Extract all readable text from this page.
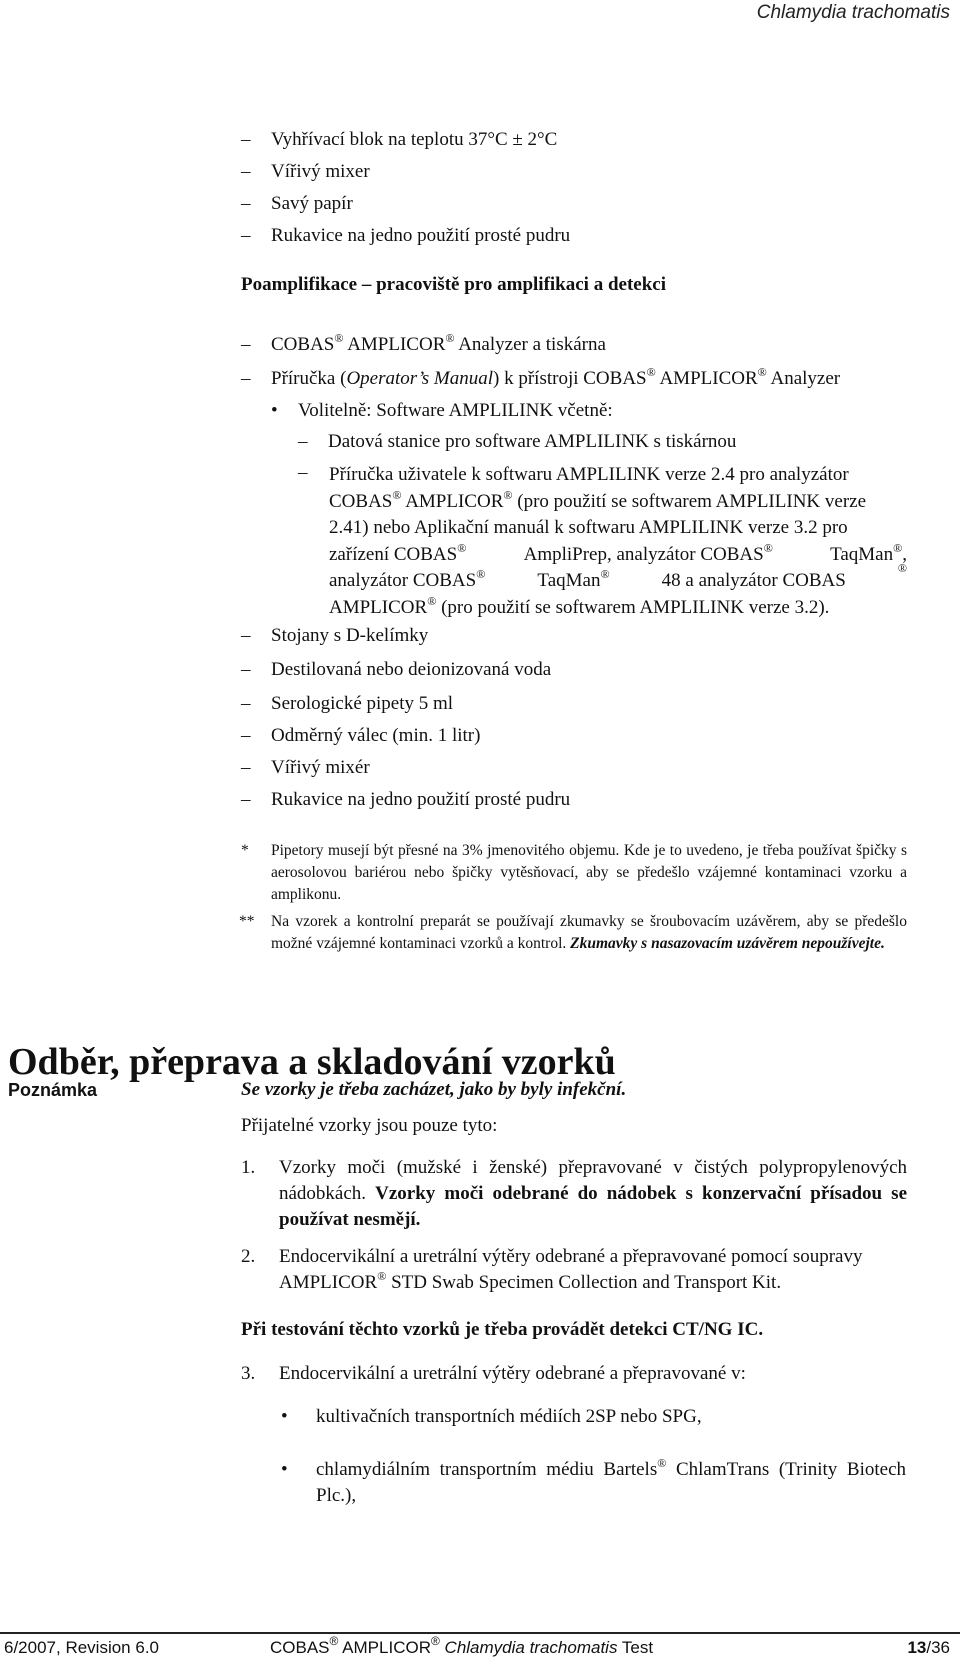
Chlamydia trachomatis
–	Vyhřívací blok na teplotu 37°C ± 2°C
–	Vířivý mixer
–	Savý papír
–	Rukavice na jedno použití prosté pudru
Poamplifikace – pracoviště pro amplifikaci a detekci
–	COBAS® AMPLICOR® Analyzer a tiskárna
–	Příručka (Operator’s Manual) k přístroji COBAS® AMPLICOR® Analyzer
•	Volitelně: Software AMPLILINK včetně:
–	Datová stanice pro software AMPLILINK s tiskárnou
– Příručka uživatele k softwaru AMPLILINK verze 2.4 pro analyzátor
COBAS® AMPLICOR® (pro použití se softwarem AMPLILINK verze
2.41) nebo Aplikační manuál k softwaru AMPLILINK verze 3.2 pro
zařízení COBAS®	AmpliPrep, analyzátor COBAS®	TaqMan®,
analyzátor COBAS®	TaqMan®	48 a analyzátor COBAS
®
AMPLICOR® (pro použití se softwarem AMPLILINK verze 3.2).
–	Stojany s D-kelímky
–	Destilovaná nebo deionizovaná voda
–	Serologické pipety 5 ml
–	Odměrný válec (min. 1 litr)
–	Vířivý mixér
–	Rukavice na jedno použití prosté pudru
* Pipetory musejí být přesné na 3% jmenovitého objemu. Kde je to uvedeno, je třeba používat špičky s aerosolovou bariérou nebo špičky vytěsňovací, aby se předešlo vzájemné kontaminaci vzorku a amplikonu.
** Na vzorek a kontrolní preparát se používají zkumavky se šroubovacím uzávěrem, aby se předešlo možné vzájemné kontaminaci vzorků a kontrol. Zkumavky s nasazovacím uzávěrem nepoužívejte.
Odběr, přeprava a skladování vzorků
Poznámka	Se vzorky je třeba zacházet, jako by byly infekční.
Přijatelné vzorky jsou pouze tyto:
1. Vzorky moči (mužské i ženské) přepravované v čistých polypropylenových nádobkách. Vzorky moči odebrané do nádobek s konzervační přísadou se používat nesmějí.
2. Endocervikální a uretrální výtěry odebrané a přepravované pomocí soupravy
AMPLICOR® STD Swab Specimen Collection and Transport Kit.
Při testování těchto vzorků je třeba provádět detekci CT/NG IC.
3. Endocervikální a uretrální výtěry odebrané a přepravované v:
• kultivačních transportních médiích 2SP nebo SPG,
• chlamydiálním transportním médiu Bartels® ChlamTrans (Trinity Biotech Plc.),
6/2007, Revision 6.0	COBAS® AMPLICOR® Chlamydia trachomatis Test	13/36
